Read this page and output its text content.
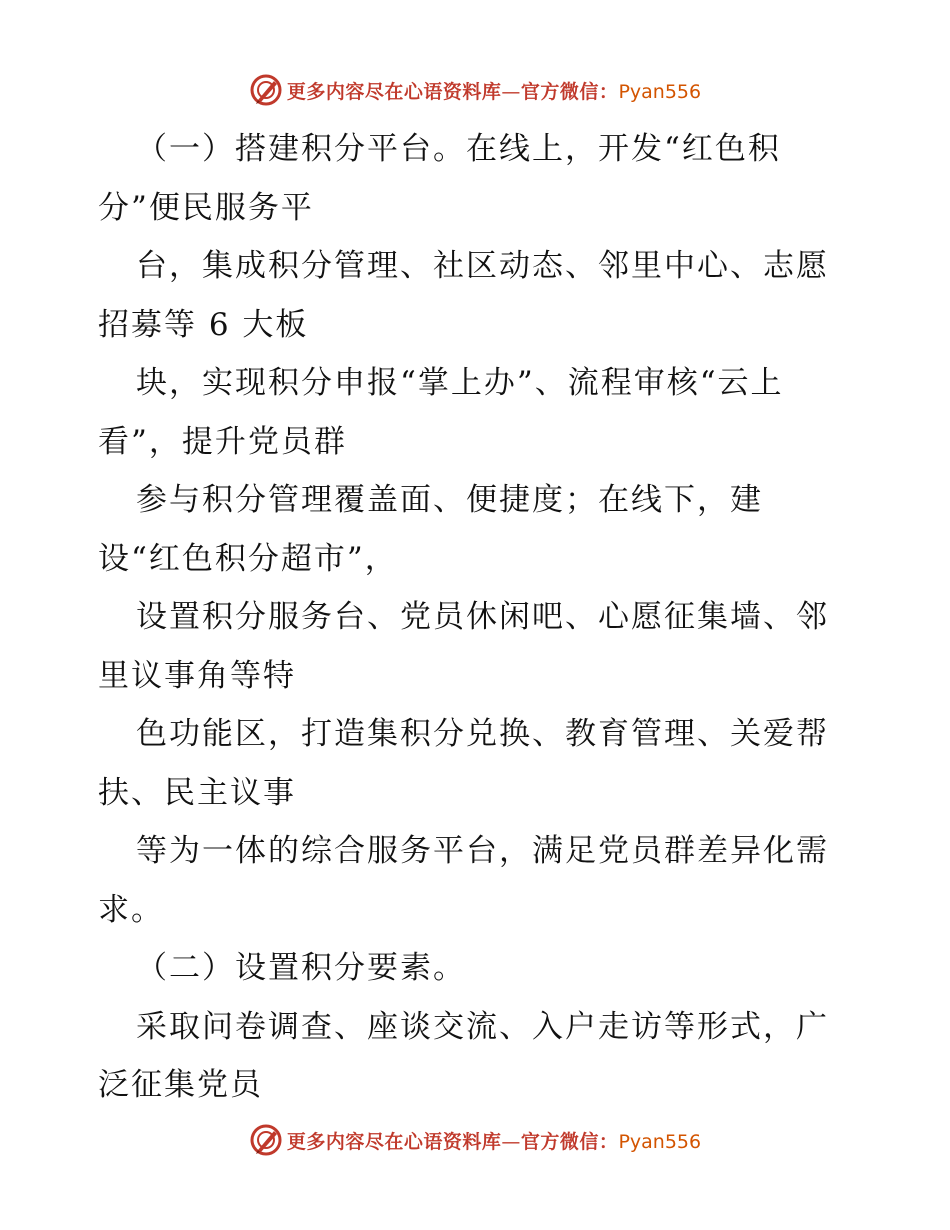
更多内容尽在心语资料库—官方微信：Pyan556
（一）搭建积分平台。在线上，开发“红色积
分”便民服务平
台，集成积分管理、社区动态、邻里中心、志愿
招募等 6 大板
块，实现积分申报“掌上办”、流程审核“云上
看”，提升党员群
参与积分管理覆盖面、便捷度；在线下，建
设“红色积分超市”，
设置积分服务台、党员休闲吧、心愿征集墙、邻
里议事角等特
色功能区，打造集积分兑换、教育管理、关爱帮
扶、民主议事
等为一体的综合服务平台，满足党员群差异化需
求。
（二）设置积分要素。
采取问卷调查、座谈交流、入户走访等形式，广
泛征集党员
更多内容尽在心语资料库—官方微信：Pyan556
